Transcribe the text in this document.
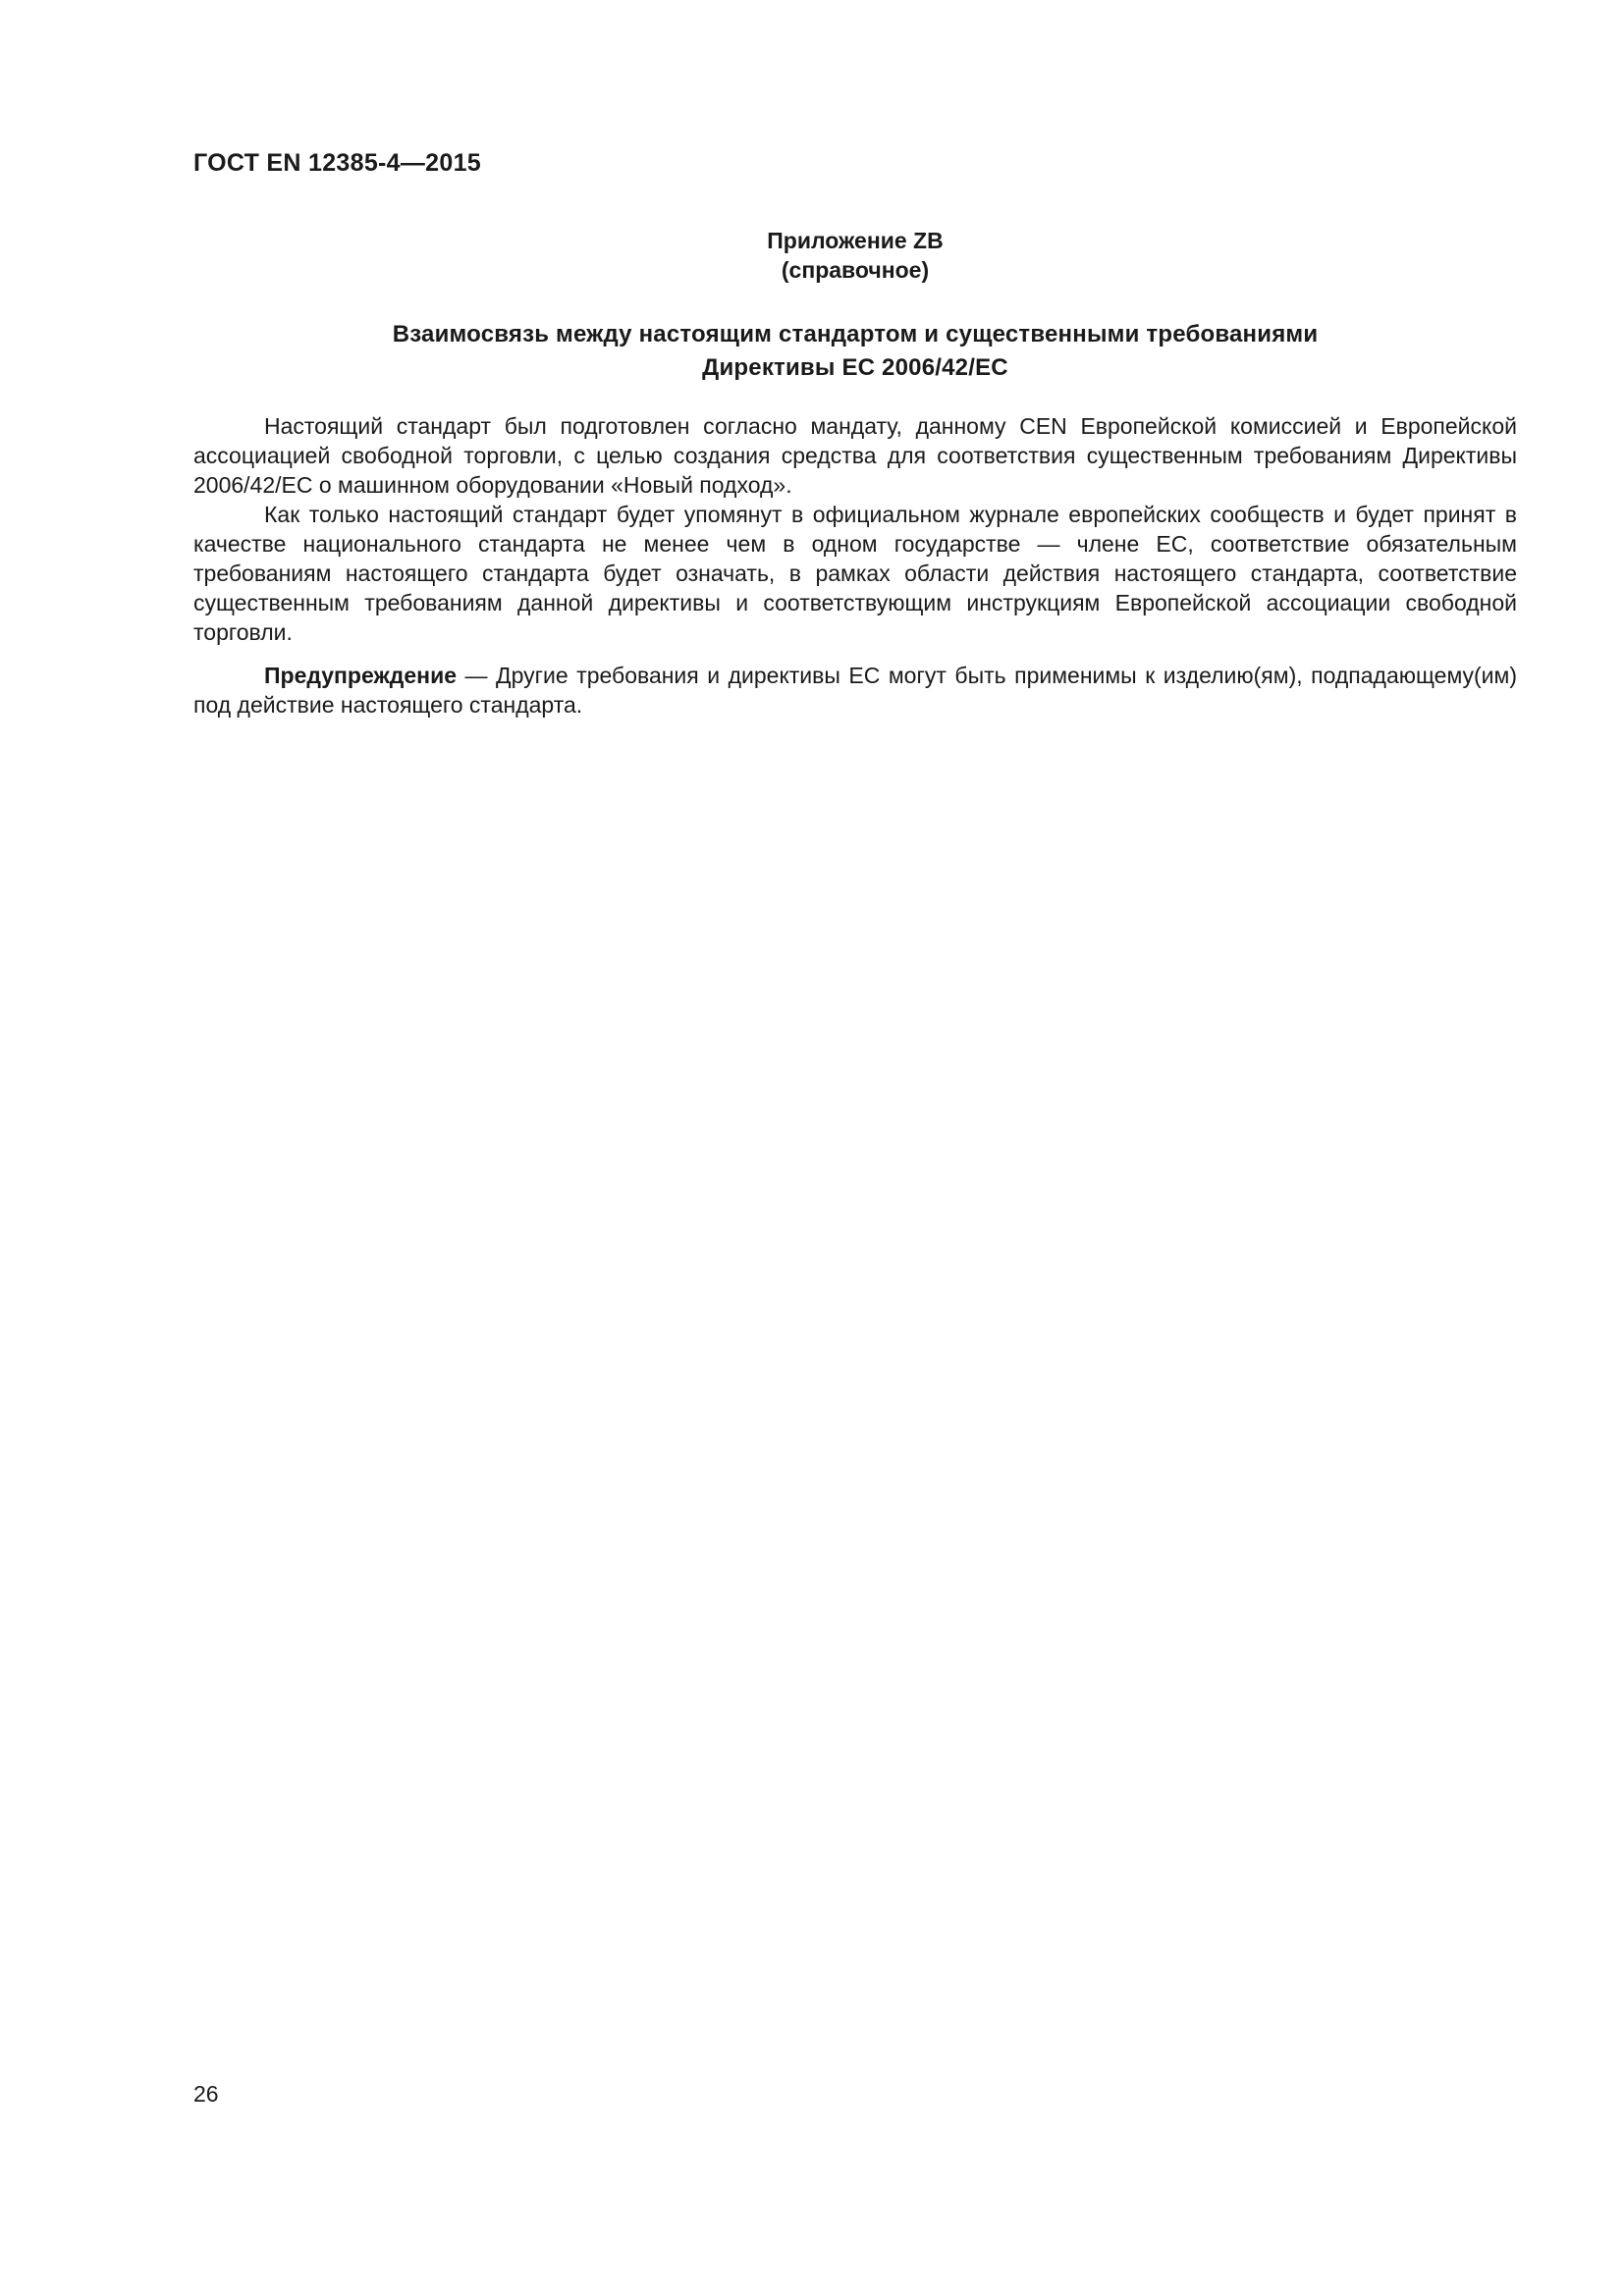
ГОСТ EN 12385-4—2015
Приложение ZB
(справочное)
Взаимосвязь между настоящим стандартом и существенными требованиями
Директивы ЕС 2006/42/ЕС

Настоящий стандарт был подготовлен согласно мандату, данному CEN Европейской комиссией и Европейской ассоциацией свободной торговли, с целью создания средства для соответствия существенным требованиям Директивы 2006/42/ЕС о машинном оборудовании «Новый подход».

Как только настоящий стандарт будет упомянут в официальном журнале европейских сообществ и будет принят в качестве национального стандарта не менее чем в одном государстве — члене ЕС, соответствие обязательным требованиям настоящего стандарта будет означать, в рамках области действия настоящего стандарта, соответствие существенным требованиям данной директивы и соответствующим инструкциям Европейской ассоциации свободной торговли.

Предупреждение — Другие требования и директивы ЕС могут быть применимы к изделию(ям), подпадающему(им) под действие настоящего стандарта.

26
